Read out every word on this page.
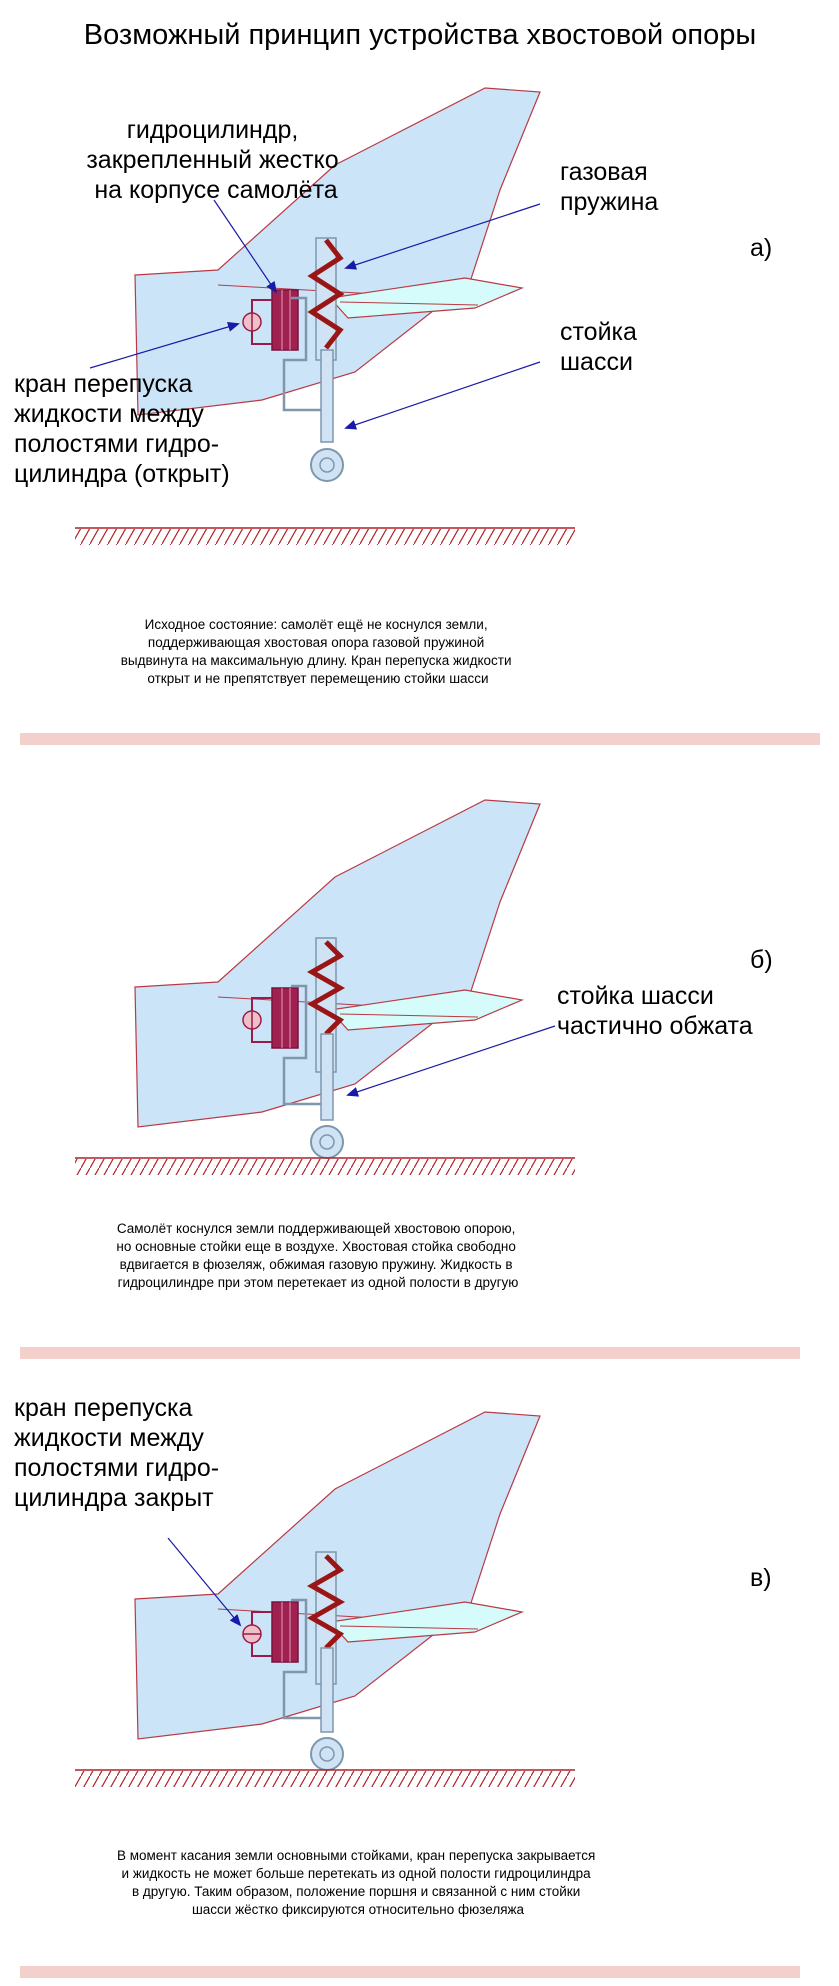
Возможный принцип устройства хвостовой опоры
гидроцилиндр, закрепленный жестко на корпусе самолёта
газовая пружина
стойка шасси
кран перепуска жидкости между полостями гидро- цилиндра (открыт)
а)
Исходное состояние: самолёт ещё не коснулся земли, поддерживающая хвостовая опора газовой пружиной выдвинута на максимальную длину. Кран перепуска жидкости открыт и не препятствует перемещению стойки шасси
стойка шасси частично обжата
б)
Самолёт коснулся земли поддерживающей хвостовою опорою, но основные стойки еще в воздухе. Хвостовая стойка свободно вдвигается в фюзеляж, обжимая газовую пружину. Жидкость в гидроцилиндре при этом перетекает из одной полости в другую
кран перепуска жидкости между полостями гидро- цилиндра закрыт
в)
В момент касания земли основными стойками, кран перепуска закрывается и жидкость не может больше перетекать из одной полости гидроцилиндра в другую. Таким образом, положение поршня и связанной с ним стойки шасси жёстко фиксируются относительно фюзеляжа
